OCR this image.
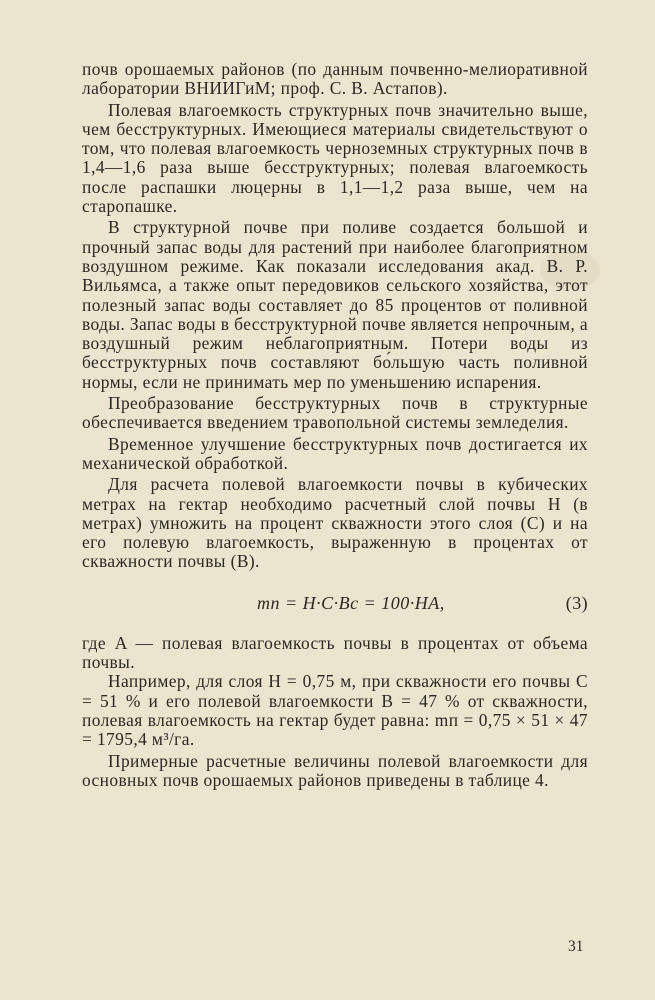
почв орошаемых районов (по данным почвенно-мелиоративной лаборатории ВНИИГиМ; проф. С. В. Астапов).

Полевая влагоемкость структурных почв значительно выше, чем бесструктурных. Имеющиеся материалы свидетельствуют о том, что полевая влагоемкость черноземных структурных почв в 1,4—1,6 раза выше бесструктурных; полевая влагоемкость после распашки люцерны в 1,1—1,2 раза выше, чем на старопашке.

В структурной почве при поливе создается большой и прочный запас воды для растений при наиболее благоприятном воздушном режиме. Как показали исследования акад. В. Р. Вильямса, а также опыт передовиков сельского хозяйства, этот полезный запас воды составляет до 85 процентов от поливной воды. Запас воды в бесструктурной почве является непрочным, а воздушный режим неблагоприятным. Потери воды из бесструктурных почв составляют бо́льшую часть поливной нормы, если не принимать мер по уменьшению испарения.

Преобразование бесструктурных почв в структурные обеспечивается введением травопольной системы земледелия.

Временное улучшение бесструктурных почв достигается их механической обработкой.

Для расчета полевой влагоемкости почвы в кубических метрах на гектар необходимо расчетный слой почвы H (в метрах) умножить на процент скважности этого слоя (C) и на его полевую влагоемкость, выраженную в процентах от скважности почвы (B).

mп = H·C·Bс = 100·HA,	(3)

где A — полевая влагоемкость почвы в процентах от объема почвы.

Например, для слоя H = 0,75 м, при скважности его почвы C = 51 % и его полевой влагоемкости B = 47 % от скважности, полевая влагоемкость на гектар будет равна: mп = 0,75 × 51 × 47 = 1795,4 м³/га.

Примерные расчетные величины полевой влагоемкости для основных почв орошаемых районов приведены в таблице 4.

31
